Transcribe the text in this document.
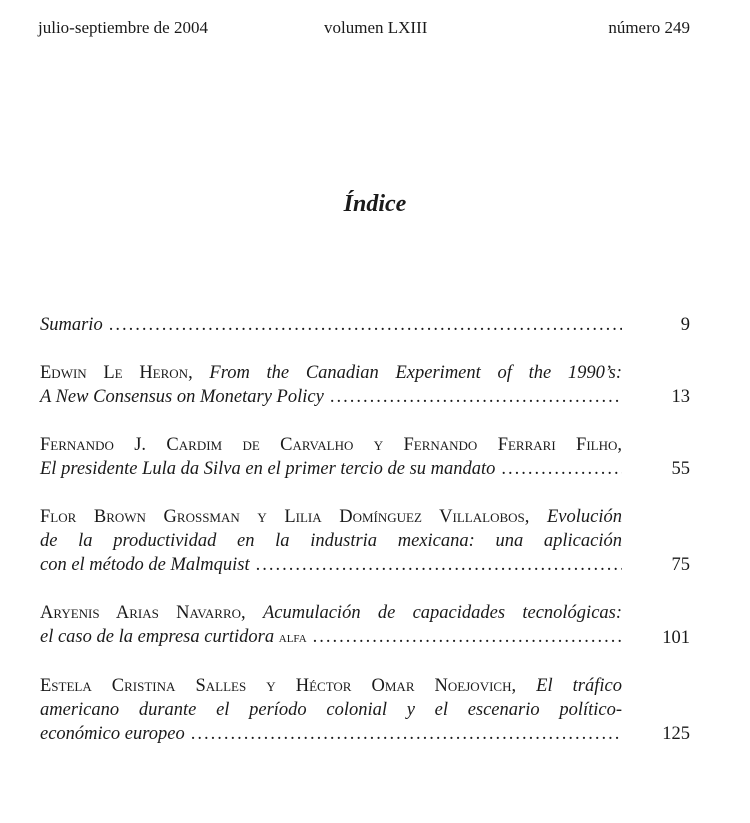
julio-septiembre de 2004	volumen LXIII	número 249
Índice
Sumario .....	9
Edwin Le Heron, From the Canadian Experiment of the 1990’s:
A New Consensus on Monetary Policy .....	13
Fernando J. Cardim de Carvalho y Fernando Ferrari Filho,
El presidente Lula da Silva en el primer tercio de su mandato .....	55
Flor Brown Grossman y Lilia Domínguez Villalobos, Evolución
de la productividad en la industria mexicana: una aplicación
con el método de Malmquist .....	75
Aryenis Arias Navarro, Acumulación de capacidades tecnológicas:
el caso de la empresa curtidora alfa .....	101
Estela Cristina Salles y Héctor Omar Noejovich, El tráfico
americano durante el período colonial y el escenario político-
económico europeo .....	125
